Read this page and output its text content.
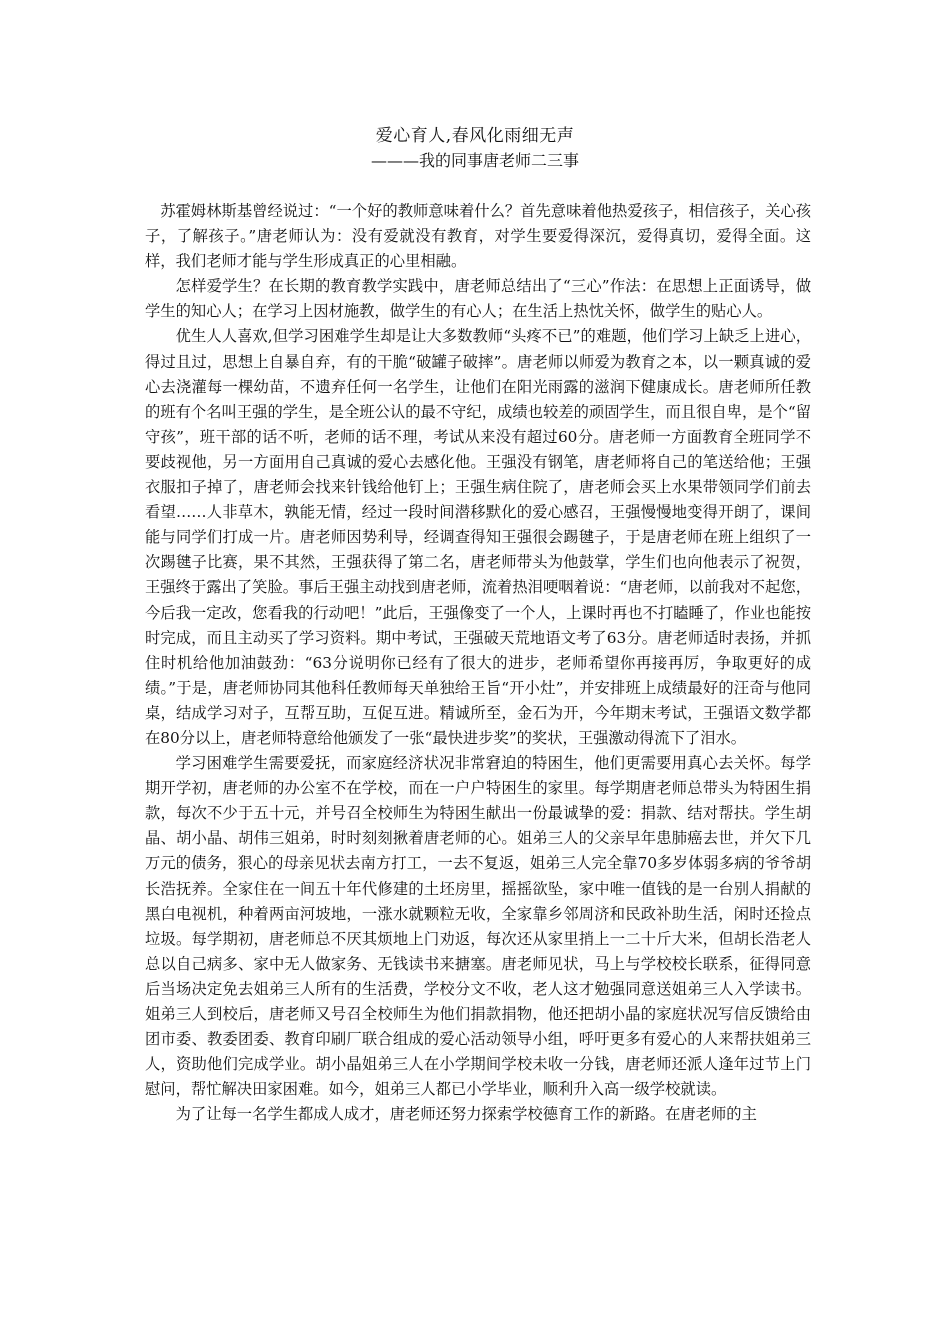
爱心育人,春风化雨细无声
———我的同事唐老师二三事

苏霍姆林斯基曾经说过：“一个好的教师意味着什么？首先意味着他热爱孩子，相信孩子，关心孩子，了解孩子。”唐老师认为：没有爱就没有教育，对学生要爱得深沉，爱得真切，爱得全面。这样，我们老师才能与学生形成真正的心里相融。

怎样爱学生？在长期的教育教学实践中，唐老师总结出了“三心”作法：在思想上正面诱导，做学生的知心人；在学习上因材施教，做学生的有心人；在生活上热忱关怀，做学生的贴心人。

优生人人喜欢,但学习困难学生却是让大多数教师“头疼不已”的难题，他们学习上缺乏上进心，得过且过，思想上自暴自弃，有的干脆“破罐子破摔”。唐老师以师爱为教育之本，以一颗真诚的爱心去浇灌每一棵幼苗，不遗弃任何一名学生，让他们在阳光雨露的滋润下健康成长。唐老师所任教的班有个名叫王强的学生，是全班公认的最不守纪，成绩也较差的顽固学生，而且很自卑，是个“留守孩”，班干部的话不听，老师的话不理，考试从来没有超过60分。唐老师一方面教育全班同学不要歧视他，另一方面用自己真诚的爱心去感化他。王强没有钢笔，唐老师将自己的笔送给他；王强衣服扣子掉了，唐老师会找来针钱给他钉上；王强生病住院了，唐老师会买上水果带领同学们前去看望……人非草木，孰能无情，经过一段时间潜移默化的爱心感召，王强慢慢地变得开朗了，课间能与同学们打成一片。唐老师因势利导，经调查得知王强很会踢毽子，于是唐老师在班上组织了一次踢毽子比赛，果不其然，王强获得了第二名，唐老师带头为他鼓掌，学生们也向他表示了祝贺，王强终于露出了笑脸。事后王强主动找到唐老师，流着热泪哽咽着说：“唐老师，以前我对不起您，今后我一定改，您看我的行动吧！”此后，王强像变了一个人，上课时再也不打瞌睡了，作业也能按时完成，而且主动买了学习资料。期中考试，王强破天荒地语文考了63分。唐老师适时表扬，并抓住时机给他加油鼓劲：“63分说明你已经有了很大的进步，老师希望你再接再厉，争取更好的成绩。”于是，唐老师协同其他科任教师每天单独给王旨“开小灶”，并安排班上成绩最好的汪奇与他同桌，结成学习对子，互帮互助，互促互进。精诚所至，金石为开，今年期末考试，王强语文数学都在80分以上，唐老师特意给他颁发了一张“最快进步奖”的奖状，王强激动得流下了泪水。

学习困难学生需要爱抚，而家庭经济状况非常窘迫的特困生，他们更需要用真心去关怀。每学期开学初，唐老师的办公室不在学校，而在一户户特困生的家里。每学期唐老师总带头为特困生捐款，每次不少于五十元，并号召全校师生为特困生献出一份最诚挚的爱：捐款、结对帮扶。学生胡晶、胡小晶、胡伟三姐弟，时时刻刻揪着唐老师的心。姐弟三人的父亲早年患肺癌去世，并欠下几万元的债务，狠心的母亲见状去南方打工，一去不复返，姐弟三人完全靠70多岁体弱多病的爷爷胡长浩抚养。全家住在一间五十年代修建的土坯房里，摇摇欲坠，家中唯一值钱的是一台别人捐献的黑白电视机，种着两亩河坡地，一涨水就颗粒无收，全家靠乡邻周济和民政补助生活，闲时还捡点垃圾。每学期初，唐老师总不厌其烦地上门劝返，每次还从家里捎上一二十斤大米，但胡长浩老人总以自己病多、家中无人做家务、无钱读书来搪塞。唐老师见状，马上与学校校长联系，征得同意后当场决定免去姐弟三人所有的生活费，学校分文不收，老人这才勉强同意送姐弟三人入学读书。姐弟三人到校后，唐老师又号召全校师生为他们捐款捐物，他还把胡小晶的家庭状况写信反馈给由团市委、教委团委、教育印刷厂联合组成的爱心活动领导小组，呼吁更多有爱心的人来帮扶姐弟三人，资助他们完成学业。胡小晶姐弟三人在小学期间学校未收一分钱，唐老师还派人逢年过节上门慰问，帮忙解决田家困难。如今，姐弟三人都已小学毕业，顺利升入高一级学校就读。

为了让每一名学生都成人成才，唐老师还努力探索学校德育工作的新路。在唐老师的主
